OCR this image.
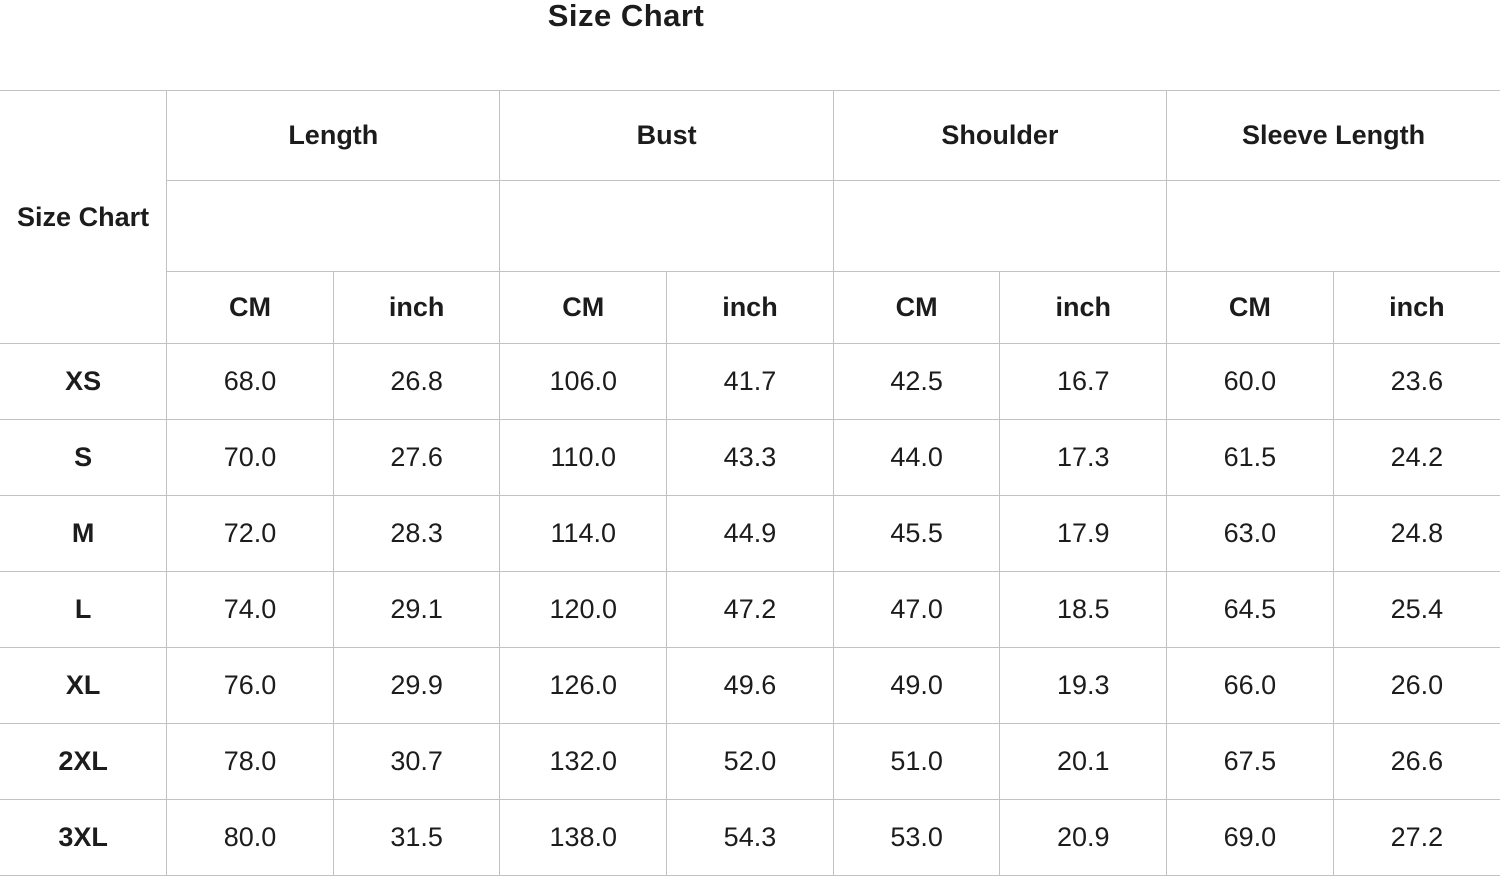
Size Chart
Size Chart	Length		Bust		Shoulder		Sleeve Length	

	CM	inch	CM	inch	CM	inch	CM	inch
XS	68.0	26.8	106.0	41.7	42.5	16.7	60.0	23.6
S	70.0	27.6	110.0	43.3	44.0	17.3	61.5	24.2
M	72.0	28.3	114.0	44.9	45.5	17.9	63.0	24.8
L	74.0	29.1	120.0	47.2	47.0	18.5	64.5	25.4
XL	76.0	29.9	126.0	49.6	49.0	19.3	66.0	26.0
2XL	78.0	30.7	132.0	52.0	51.0	20.1	67.5	26.6
3XL	80.0	31.5	138.0	54.3	53.0	20.9	69.0	27.2
